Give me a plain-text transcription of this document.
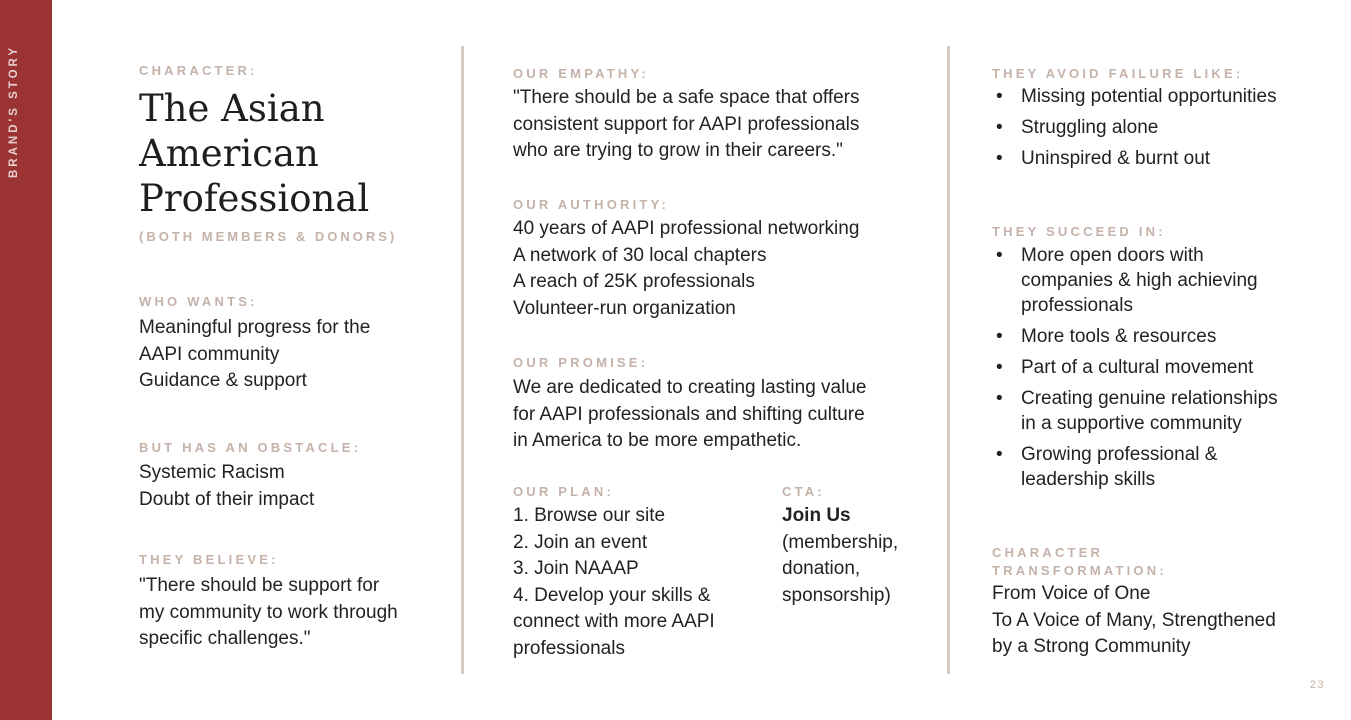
BRAND'S STORY	CHARACTER:
The Asian
American
Professional
(BOTH MEMBERS & DONORS)
WHO WANTS:
Meaningful progress for the
AAPI community
Guidance & support
BUT HAS AN OBSTACLE:
Systemic Racism
Doubt of their impact
THEY BELIEVE:
"There should be support for
my community to work through
specific challenges."
OUR EMPATHY:
"There should be a safe space that offers
consistent support for AAPI professionals
who are trying to grow in their careers."
OUR AUTHORITY:
40 years of AAPI professional networking
A network of 30 local chapters
A reach of 25K professionals
Volunteer-run organization
OUR PROMISE:
We are dedicated to creating lasting value
for AAPI professionals and shifting culture
in America to be more empathetic.
OUR PLAN:
1. Browse our site
2. Join an event
3. Join NAAAP
4. Develop your skills &
connect with more AAPI
professionals
CTA:
Join Us
(membership,
donation,
sponsorship)
THEY AVOID FAILURE LIKE:
• Missing potential opportunities
• Struggling alone
• Uninspired & burnt out
THEY SUCCEED IN:
• More open doors with
companies & high achieving
professionals
• More tools & resources
• Part of a cultural movement
• Creating genuine relationships
in a supportive community
• Growing professional &
leadership skills
CHARACTER
TRANSFORMATION:
From Voice of One
To A Voice of Many, Strengthened
by a Strong Community
23
